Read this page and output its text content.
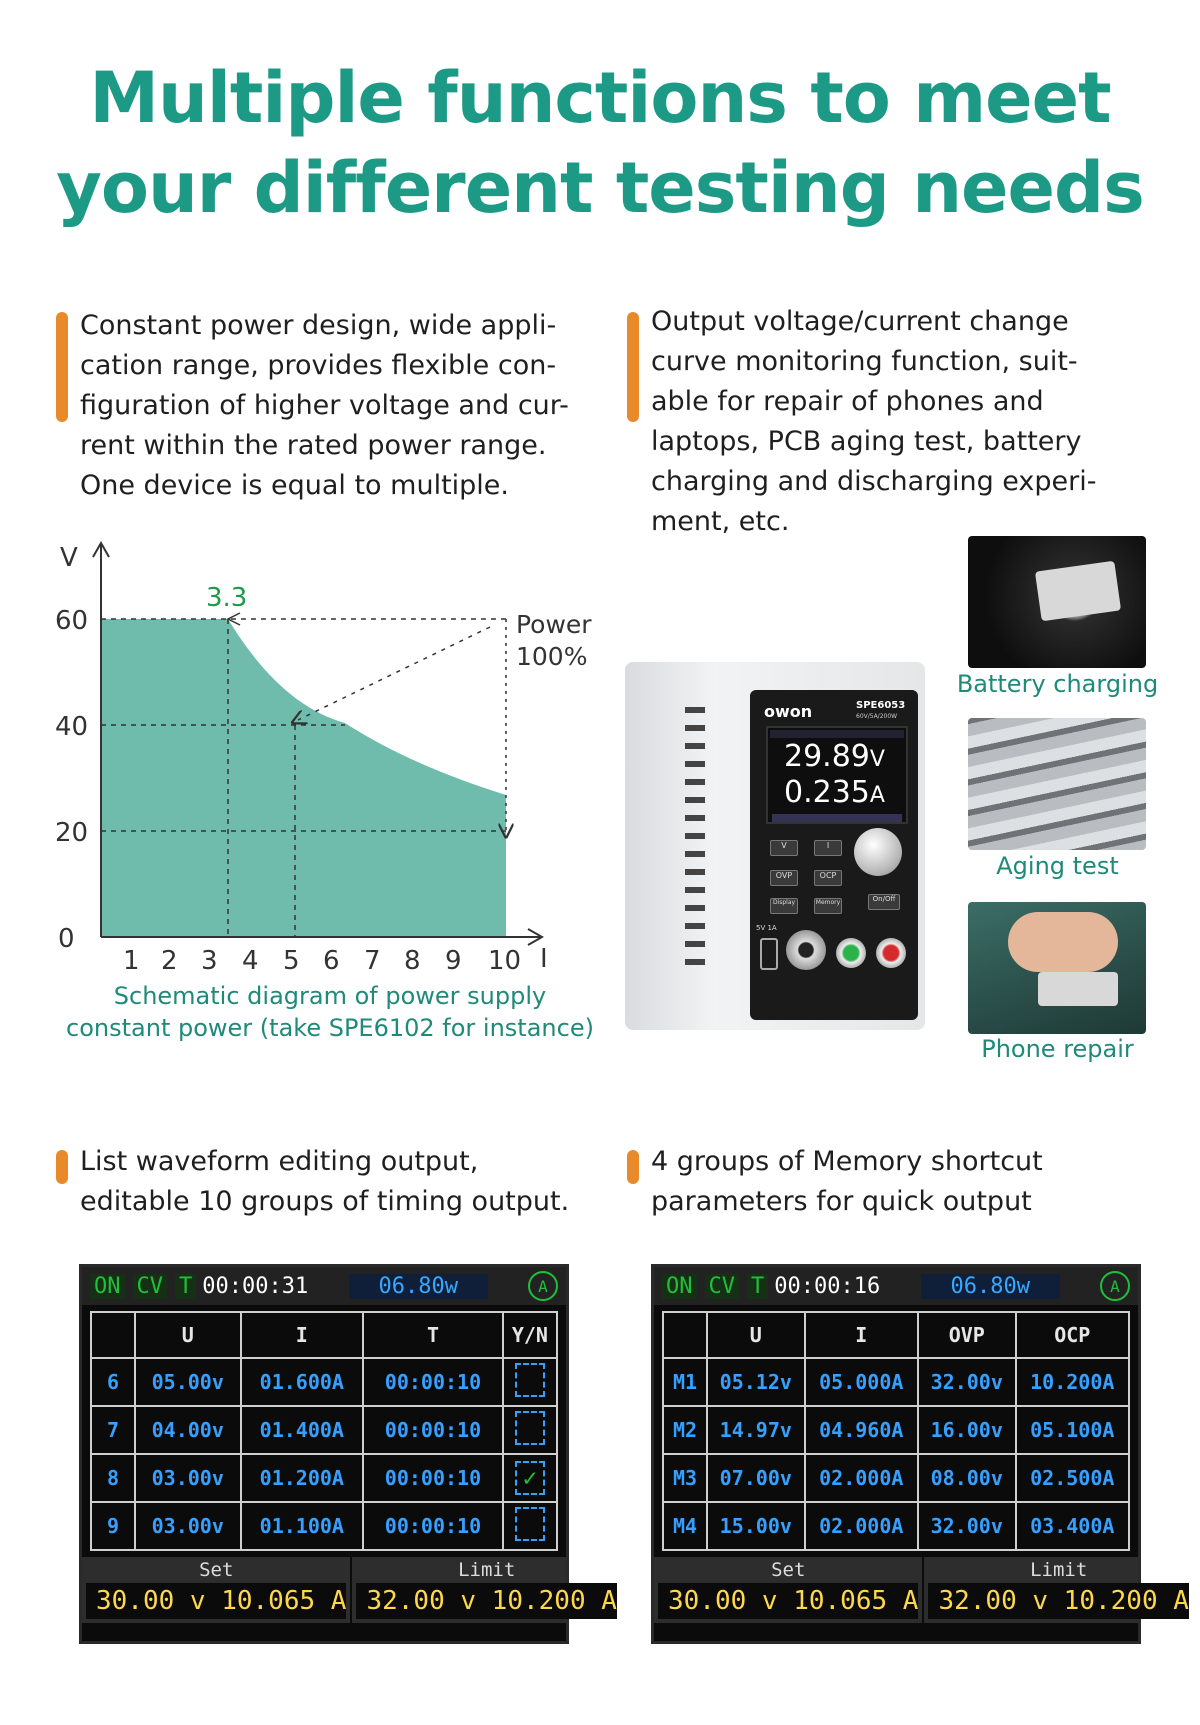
Multiple functions to meet
your different testing needs
Constant power design, wide appli-
cation range, provides flexible con-
figuration of higher voltage and cur-
rent within the rated power range.
One device is equal to multiple.
Output voltage/current change
curve monitoring function, suit-
able for repair of phones and
laptops, PCB aging test, battery
charging and discharging experi-
ment, etc.
V
I
60
40
20
0
1 2 3 4 5 6 7 8 9 10
3.3
Power
100%
Schematic diagram of power supply
constant power (take SPE6102 for instance)
owon	SPE6053
60V/5A/200W
29.89V
0.235A
V	I
OVP	OCP
Display	Memory	On/Off
5V 1A
Battery charging
Aging test
Phone repair
List waveform editing output,
editable 10 groups of timing output.
4 groups of Memory shortcut
parameters for quick output
ON CV T 00:00:31	06.80w	A
	U	I	T	Y/N
6	05.00v	01.600A	00:00:10	
7	04.00v	01.400A	00:00:10	
8	03.00v	01.200A	00:00:10	✓
9	03.00v	01.100A	00:00:10	
Set
30.00 v 10.065 A
Limit
32.00 v 10.200 A
ON CV T 00:00:16	06.80w	A
	U	I	OVP	OCP
M1	05.12v	05.000A	32.00v	10.200A
M2	14.97v	04.960A	16.00v	05.100A
M3	07.00v	02.000A	08.00v	02.500A
M4	15.00v	02.000A	32.00v	03.400A
Set
30.00 v 10.065 A
Limit
32.00 v 10.200 A
